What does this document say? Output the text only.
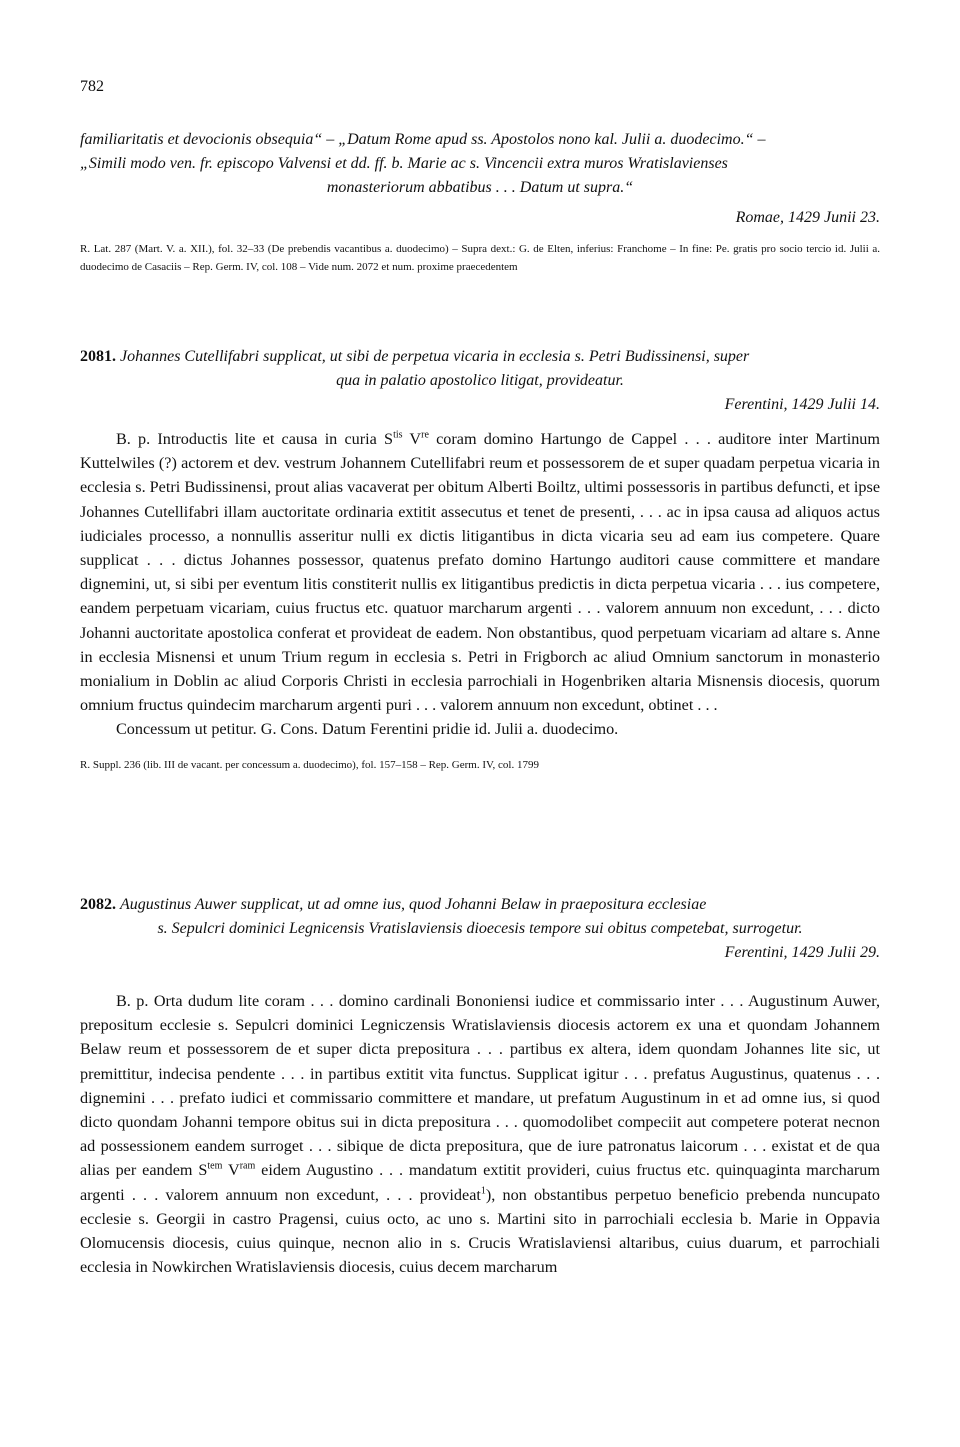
782

familiaritatis et devocionis obsequia“ – „Datum Rome apud ss. Apostolos nono kal. Julii a. duodecimo.“ –

„Simili modo ven. fr. episcopo Valvensi et dd. ff. b. Marie ac s. Vincencii extra muros Wratislavienses

monasteriorum abbatibus . . . Datum ut supra.“

Romae, 1429 Junii 23.

R. Lat. 287 (Mart. V. a. XII.), fol. 32–33 (De prebendis vacantibus a. duodecimo) – Supra dext.: G. de Elten, inferius: Franchome – In fine: Pe. gratis pro socio tercio id. Julii a. duodecimo de Casaciis – Rep. Germ. IV, col. 108 – Vide num. 2072 et num. proxime praecedentem

2081. Johannes Cutellifabri supplicat, ut sibi de perpetua vicaria in ecclesia s. Petri Budissinensi, super

qua in palatio apostolico litigat, provideatur.

Ferentini, 1429 Julii 14.

B. p. Introductis lite et causa in curia $S^{tis}$ Vre coram domino Hartungo de Cappel . . . auditore inter Martinum Kuttelwiles (?) actorem et dev. vestrum Johannem Cutellifabri reum et possessorem de et super quadam perpetua vicaria in ecclesia s. Petri Budissinensi, prout alias vacaverat per obitum Alberti Boiltz, ultimi possessoris in partibus defuncti, et ipse Johannes Cutellifabri illam auctoritate ordinaria extitit assecutus et tenet de presenti, . . . ac in ipsa causa ad aliquos actus iudiciales processo, a nonnullis asseritur nulli ex dictis litigantibus in dicta vicaria seu ad eam ius competere. Quare supplicat . . . dictus Johannes possessor, quatenus prefato domino Hartungo auditori cause committere et mandare dignemini, ut, si sibi per eventum litis constiterit nullis ex litigantibus predictis in dicta perpetua vicaria . . . ius competere, eandem perpetuam vicariam, cuius fructus etc. quatuor marcharum argenti . . . valorem annuum non excedunt, . . . dicto Johanni auctoritate apostolica conferat et provideat de eadem. Non obstantibus, quod perpetuam vicariam ad altare s. Anne in ecclesia Misnensi et unum Trium regum in ecclesia s. Petri in Frigborch ac aliud Omnium sanctorum in monasterio monialium in Doblin ac aliud Corporis Christi in ecclesia parrochiali in Hogenbriken altaria Misnensis diocesis, quorum omnium fructus quindecim marcharum argenti puri . . . valorem annuum non excedunt, obtinet . . .

Concessum ut petitur. G. Cons. Datum Ferentini pridie id. Julii a. duodecimo.

R. Suppl. 236 (lib. III de vacant. per concessum a. duodecimo), fol. 157–158 – Rep. Germ. IV, col. 1799

2082. Augustinus Auwer supplicat, ut ad omne ius, quod Johanni Belaw in praepositura ecclesiae

s. Sepulcri dominici Legnicensis Vratislaviensis dioecesis tempore sui obitus competebat, surrogetur.

Ferentini, 1429 Julii 29.

B. p. Orta dudum lite coram . . . domino cardinali Bononiensi iudice et commissario inter . . . Augustinum Auwer, prepositum ecclesie s. Sepulcri dominici Legniczensis Wratislaviensis diocesis actorem ex una et quondam Johannem Belaw reum et possessorem de et super dicta prepositura . . . partibus ex altera, idem quondam Johannes lite sic, ut premittitur, indecisa pendente . . . in partibus extitit vita functus. Supplicat igitur . . . prefatus Augustinus, quatenus . . . dignemini . . . prefato iudici et commissario committere et mandare, ut prefatum Augustinum in et ad omne ius, si quod dicto quondam Johanni tempore obitus sui in dicta prepositura . . . quomodolibet compeciit aut competere poterat necnon ad possessionem eandem surroget . . . sibique de dicta prepositura, que de iure patronatus laicorum . . . existat et de qua alias per eandem $S^{tem}$ $V^{ram}$ eidem Augustino . . . mandatum extitit provideri, cuius fructus etc. quinquaginta marcharum argenti . . . valorem annuum non excedunt, . . . provideat$^1$), non obstantibus perpetuo beneficio prebenda nuncupato ecclesie s. Georgii in castro Pragensi, cuius octo, ac uno s. Martini sito in parrochiali ecclesia b. Marie in Oppavia Olomucensis diocesis, cuius quinque, necnon alio in s. Crucis Wratislaviensi altaribus, cuius duarum, et parrochiali ecclesia in Nowkirchen Wratislaviensis diocesis, cuius decem marcharum
